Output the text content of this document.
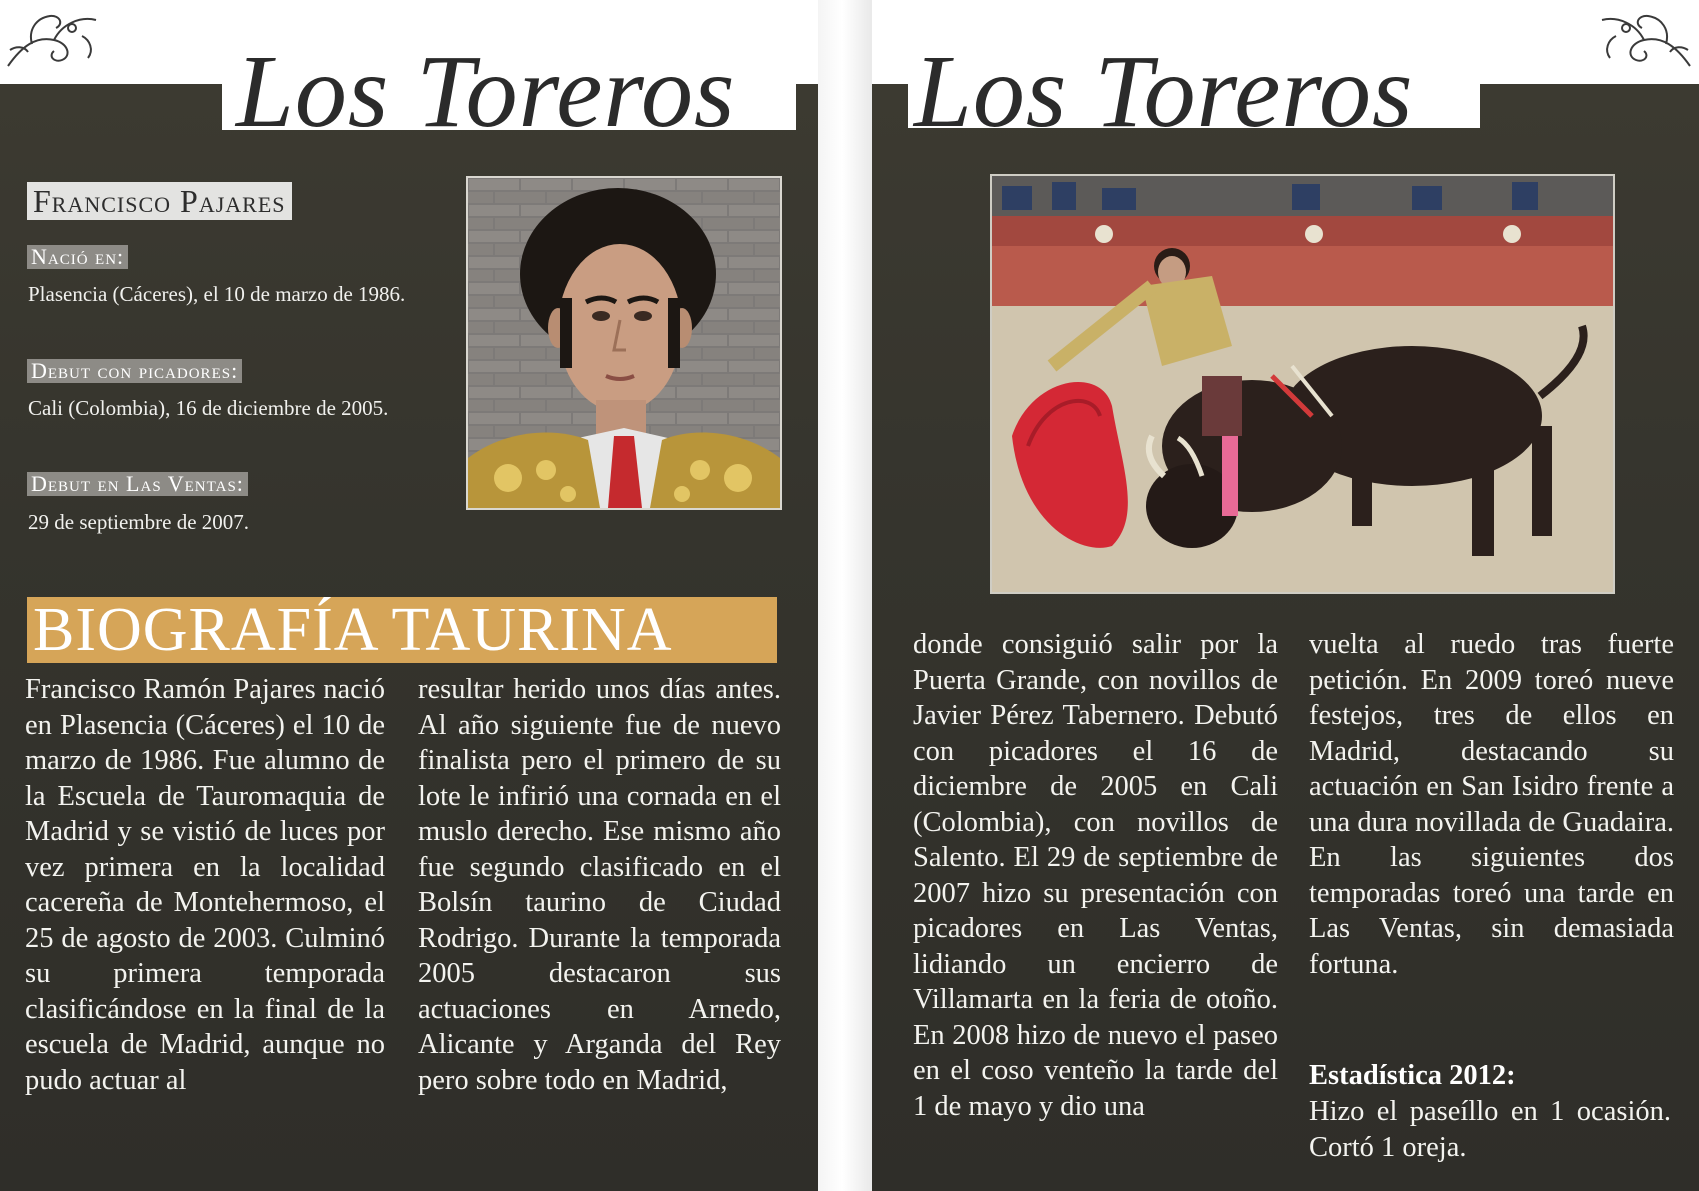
Los Toreros	Los Toreros
Francisco Pajares
Nació en:
Plasencia (Cáceres), el 10 de marzo de 1986.
Debut con picadores:
Cali (Colombia), 16 de diciembre de 2005.
Debut en Las Ventas:
29 de septiembre de 2007.
BIOGRAFÍA TAURINA
Francisco Ramón Pajares nació en Plasencia (Cáceres) el 10 de marzo de 1986. Fue alumno de la Escuela de Tauromaquia de Madrid y se vistió de luces por vez primera en la localidad cacereña de Montehermoso, el 25 de agosto de 2003. Culminó su primera temporada clasificándose en la final de la escuela de Madrid, aunque no pudo actuar al
resultar herido unos días antes. Al año siguiente fue de nuevo finalista pero el primero de su lote le infirió una cornada en el muslo derecho. Ese mismo año fue segundo clasificado en el Bolsín taurino de Ciudad Rodrigo. Durante la temporada 2005 destacaron sus actuaciones en Arnedo, Alicante y Arganda del Rey pero sobre todo en Madrid,
donde consiguió salir por la Puerta Grande, con novillos de Javier Pérez Tabernero. Debutó con picadores el 16 de diciembre de 2005 en Cali (Colombia), con novillos de Salento. El 29 de septiembre de 2007 hizo su presentación con picadores en Las Ventas, lidiando un encierro de Villamarta en la feria de otoño. En 2008 hizo de nuevo el paseo en el coso venteño la tarde del 1 de mayo y dio una
vuelta al ruedo tras fuerte petición. En 2009 toreó nueve festejos, tres de ellos en Madrid, destacando su actuación en San Isidro frente a una dura novillada de Guadaira. En las siguientes dos temporadas toreó una tarde en Las Ventas, sin demasiada fortuna.
Estadística 2012:
Hizo el paseíllo en 1 ocasión. Cortó 1 oreja.
